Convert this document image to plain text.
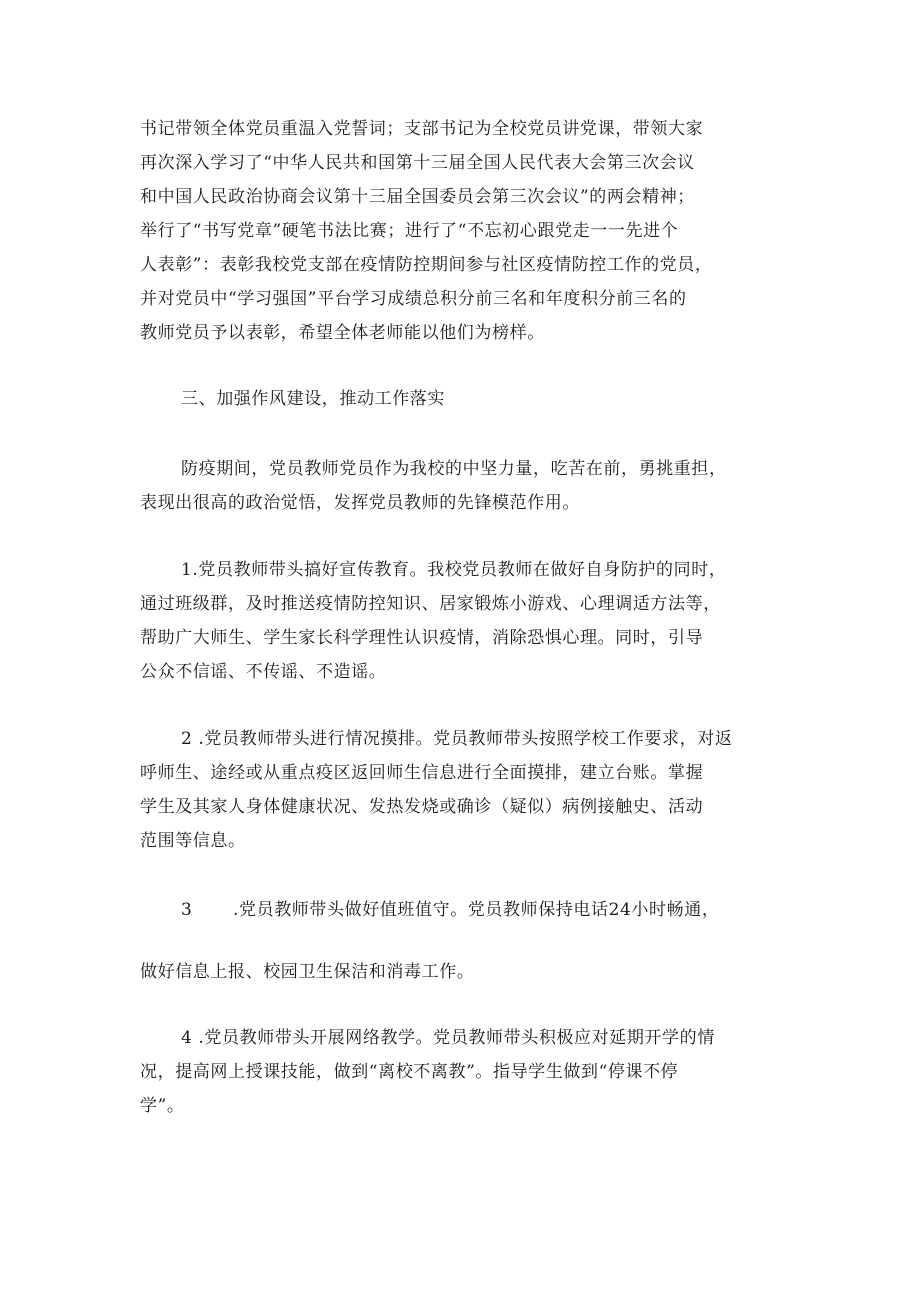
书记带领全体党员重温入党誓词；支部书记为全校党员讲党课，带领大家
再次深入学习了“中华人民共和国第十三届全国人民代表大会第三次会议
和中国人民政治协商会议第十三届全国委员会第三次会议”的两会精神；
举行了“书写党章”硬笔书法比赛；进行了“不忘初心跟党走一一先进个
人表彰”：表彰我校党支部在疫情防控期间参与社区疫情防控工作的党员，
并对党员中“学习强国”平台学习成绩总积分前三名和年度积分前三名的
教师党员予以表彰，希望全体老师能以他们为榜样。
三、加强作风建设，推动工作落实
防疫期间，党员教师党员作为我校的中坚力量，吃苦在前，勇挑重担，
表现出很高的政治觉悟，发挥党员教师的先锋模范作用。
1.党员教师带头搞好宣传教育。我校党员教师在做好自身防护的同时，
通过班级群，及时推送疫情防控知识、居家锻炼小游戏、心理调适方法等，
帮助广大师生、学生家长科学理性认识疫情，消除恐惧心理。同时，引导
公众不信谣、不传谣、不造谣。
2 .党员教师带头进行情况摸排。党员教师带头按照学校工作要求，对返
呼师生、途经或从重点疫区返回师生信息进行全面摸排，建立台账。掌握
学生及其家人身体健康状况、发热发烧或确诊（疑似）病例接触史、活动
范围等信息。
3 .党员教师带头做好值班值守。党员教师保持电话24小时畅通，
做好信息上报、校园卫生保洁和消毒工作。
4 .党员教师带头开展网络教学。党员教师带头积极应对延期开学的情
况，提高网上授课技能，做到“离校不离教”。指导学生做到“停课不停
学”。
